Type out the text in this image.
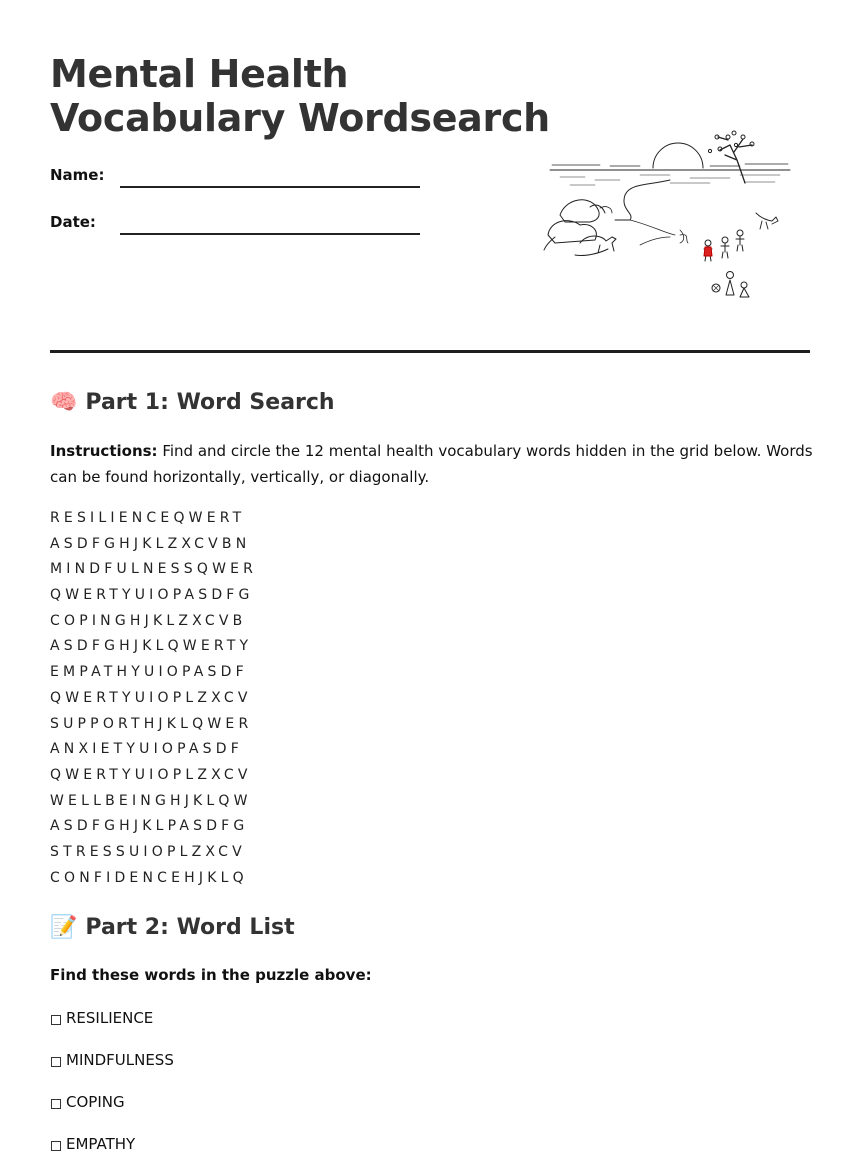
Mental Health
Vocabulary Wordsearch
Name:
Date:
🧠 Part 1: Word Search
Instructions: Find and circle the 12 mental health vocabulary words hidden in the grid below. Words can be found horizontally, vertically, or diagonally.
RESILIENCEQWERT
ASDFGHJKLZXCVBN
MINDFULNESSQWER
QWERTYUIOPASDFG
COPINGHJKLZXCVB
ASDFGHJKLQWERTY
EMPATHYUIOPASDF
QWERTYUIOPLZXCV
SUPPORTHJKLQWER
ANXIETYUIOPASDF
QWERTYUIOPLZXCV
WELLBEINGHJKLQW
ASDFGHJKLPASDFG
STRESSUIOPLZXCV
CONFIDENCEHJKLQ
📝 Part 2: Word List
Find these words in the puzzle above:
RESILIENCE
MINDFULNESS
COPING
EMPATHY
